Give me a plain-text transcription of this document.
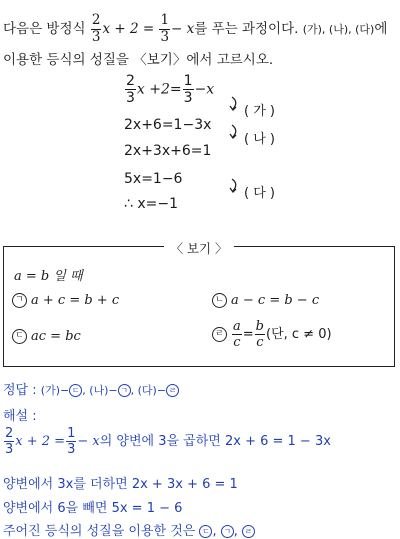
다음은 방정식 $\frac{2}{3}$ $x + 2 = \frac{1}{3} - x$를 푸는 과정이다. (가), (나), (다)에
이용한 등식의 성질을 〈보기〉에서 고르시오.
$\frac{2}{3}$ $x +2= \frac{1}{3} -x$
2x+6=1−3x
2x+3x+6=1
5x=1−6
∴ x=−1
( 가 )
( 나 )
( 다 )
〈 보기 〉
a = b 일 때
ㄱ a + c = b + c	ㄴ a − c = b − c
ㄷ ac = bc	ㄹ $\frac{a}{c} = \frac{b}{c}$ (단, c ≠ 0)
정답 : (가)− ㄷ , (나)− ㄱ , (다)− ㄹ
해설 :
$\frac{2}{3}$ $x + 2 = \frac{1}{3} - x$의 양변에 3을 곱하면 2x + 6 = 1 − 3x
양변에서 3x를 더하면 2x + 3x + 6 = 1
양변에서 6을 빼면 5x = 1 − 6
주어진 등식의 성질을 이용한 것은 ㄷ , ㄱ , ㄹ
